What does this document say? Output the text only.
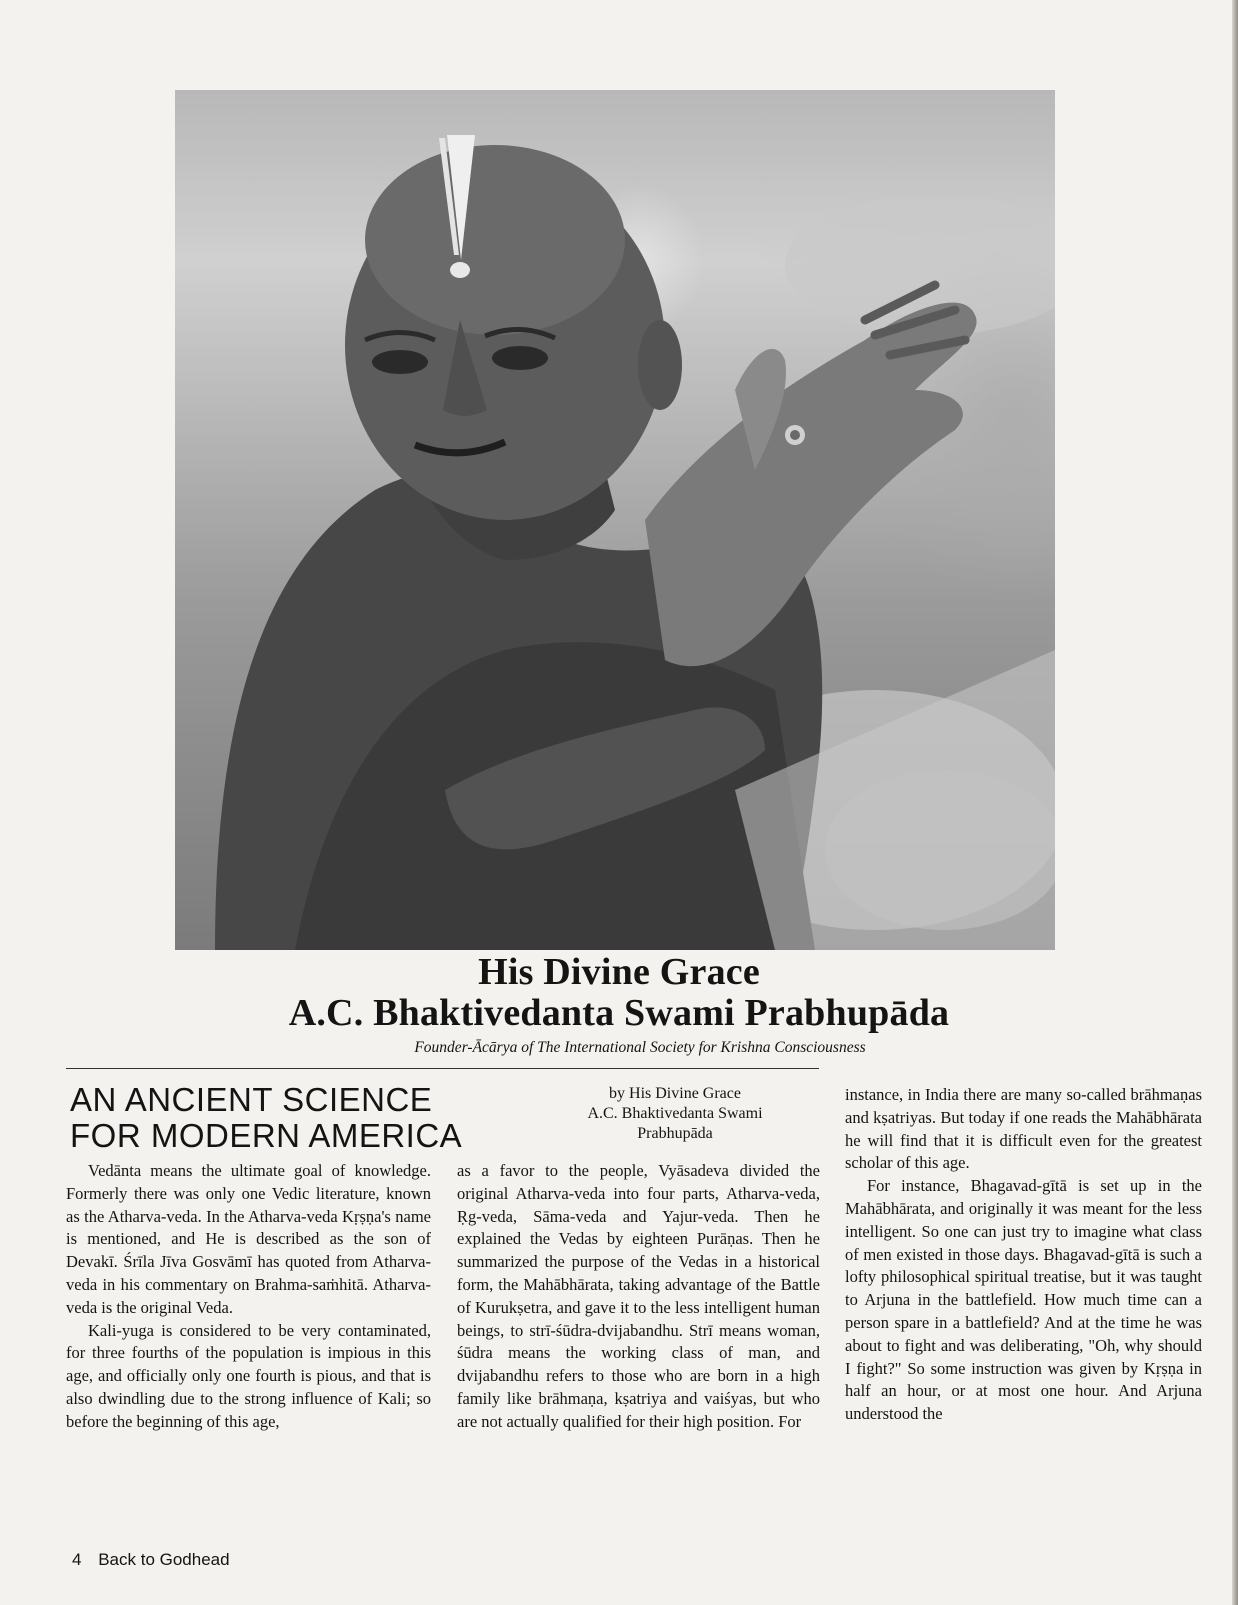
His Divine Grace
A.C. Bhaktivedanta Swami Prabhupāda
Founder-Ācārya of The International Society for Krishna Consciousness
AN ANCIENT SCIENCE
FOR MODERN AMERICA
by His Divine Grace
A.C. Bhaktivedanta Swami
Prabhupāda

Vedānta means the ultimate goal of knowledge. Formerly there was only one Vedic literature, known as the Atharva-veda. In the Atharva-veda Kṛṣṇa's name is mentioned, and He is described as the son of Devakī. Śrīla Jīva Gosvāmī has quoted from Atharva-veda in his commentary on Brahma-saṁhitā. Atharva-veda is the original Veda.

Kali-yuga is considered to be very contaminated, for three fourths of the population is impious in this age, and officially only one fourth is pious, and that is also dwindling due to the strong influence of Kali; so before the beginning of this age,

as a favor to the people, Vyāsadeva divided the original Atharva-veda into four parts, Atharva-veda, Ṛg-veda, Sāma-veda and Yajur-veda. Then he explained the Vedas by eighteen Purāṇas. Then he summarized the purpose of the Vedas in a historical form, the Mahābhārata, taking advantage of the Battle of Kurukṣetra, and gave it to the less intelligent human beings, to strī-śūdra-dvijabandhu. Strī means woman, śūdra means the working class of man, and dvijabandhu refers to those who are born in a high family like brāhmaṇa, kṣatriya and vaiśyas, but who are not actually qualified for their high position. For

instance, in India there are many so-called brāhmaṇas and kṣatriyas. But today if one reads the Mahābhārata he will find that it is difficult even for the greatest scholar of this age.

For instance, Bhagavad-gītā is set up in the Mahābhārata, and originally it was meant for the less intelligent. So one can just try to imagine what class of men existed in those days. Bhagavad-gītā is such a lofty philosophical spiritual treatise, but it was taught to Arjuna in the battlefield. How much time can a person spare in a battlefield? And at the time he was about to fight and was deliberating, "Oh, why should I fight?" So some instruction was given by Kṛṣṇa in half an hour, or at most one hour. And Arjuna understood the

4 Back to Godhead
